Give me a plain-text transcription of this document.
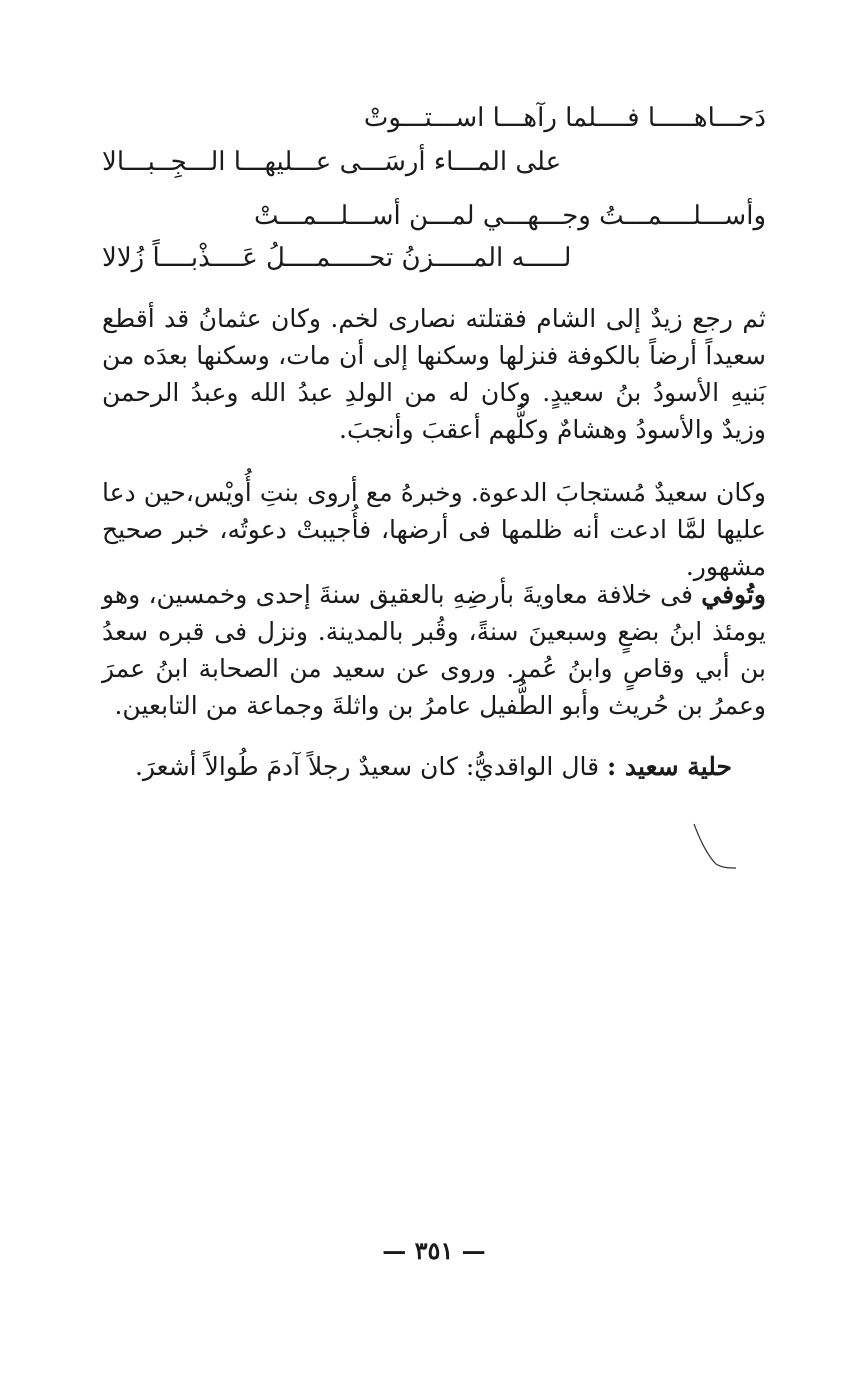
دَحـــاهـــــا فــــلما رآهـــا اســـتـــوتْ
على المـــاء أرسَـــى عـــليهـــا الـــجِــبـــالا
وأســـلــــمـــتُ وجـــهـــي لمـــن أســـلـــمـــتْ
لـــــه المـــــزنُ تحـــــمــــلُ عَــــذْبــــاً زُلالا
ثم رجع زيدٌ إلى الشام فقتلته نصارى لخم. وكان عثمانُ قد أقطع سعيداً أرضاً بالكوفة فنزلها وسكنها إلى أن مات، وسكنها بعدَه من بَنيهِ الأسودُ بنُ سعيدٍ. وكان له من الولدِ عبدُ الله وعبدُ الرحمن وزيدٌ والأسودُ وهشامٌ وكلُّهم أعقبَ وأنجبَ.
وكان سعيدٌ مُستجابَ الدعوة. وخبرهُ مع أروى بنتِ أُويْس،حين دعا عليها لمَّا ادعت أنه ظلمها فى أرضها، فأُجيبتْ دعوتُه، خبر صحيح مشهور.
وتُوفي فى خلافة معاويةَ بأرضِهِ بالعقيق سنةَ إحدى وخمسين، وهو يومئذ ابنُ بضعٍ وسبعينَ سنةً، وقُبر بالمدينة. ونزل فى قبره سعدُ بن أبي وقاصٍ وابنُ عُمر. وروى عن سعيد من الصحابة ابنُ عمرَ وعمرُ بن حُريث وأبو الطُّفيل عامرُ بن واثلةَ وجماعة من التابعين.
حلية سعيد : قال الواقديُّ: كان سعيدٌ رجلاً آدمَ طُوالاً أشعرَ.
— ٣٥١ —
